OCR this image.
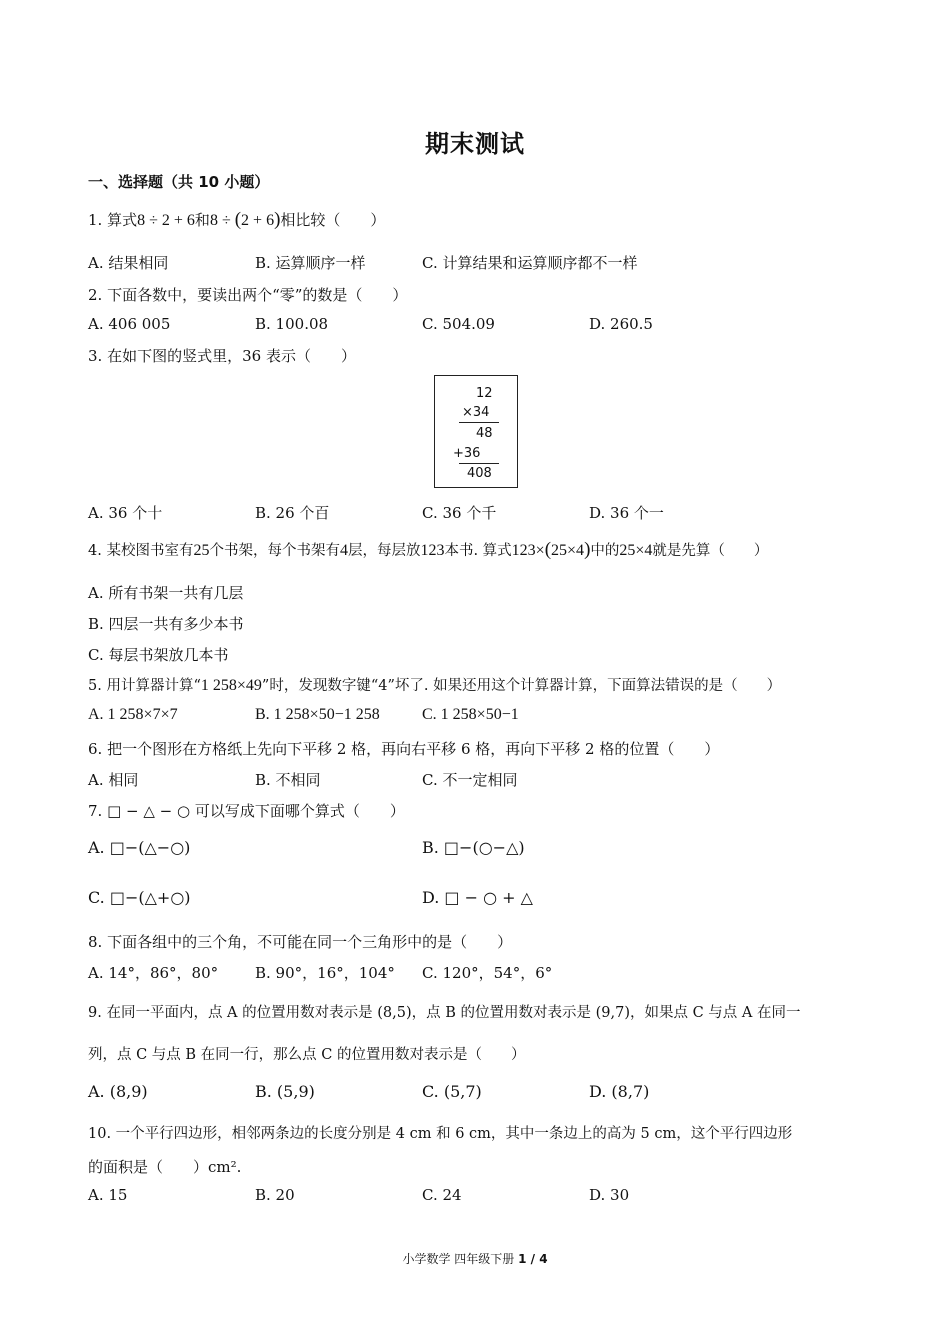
期末测试
一、选择题（共 10 小题）
1. 算式8 ÷ 2 + 6和8 ÷ (2 + 6)相比较（　　）
A. 结果相同	B. 运算顺序一样	C. 计算结果和运算顺序都不一样
2. 下面各数中，要读出两个“零”的数是（　　）
A. 406 005	B. 100.08	C. 504.09	D. 260.5
3. 在如下图的竖式里，36 表示（　　）
12
×34
48
+36
408
A. 36 个十	B. 26 个百	C. 36 个千	D. 36 个一
4. 某校图书室有25个书架，每个书架有4层，每层放123本书. 算式123×(25×4)中的25×4就是先算（　　）
A. 所有书架一共有几层
B. 四层一共有多少本书
C. 每层书架放几本书
5. 用计算器计算“1 258×49”时，发现数字键“4”坏了. 如果还用这个计算器计算，下面算法错误的是（　　）
A. 1 258×7×7	B. 1 258×50−1 258	C. 1 258×50−1
6. 把一个图形在方格纸上先向下平移 2 格，再向右平移 6 格，再向下平移 2 格的位置（　　）
A. 相同	B. 不相同	C. 不一定相同
7. □ − △ − ○ 可以写成下面哪个算式（　　）
A. □−(△−○)	B. □−(○−△)
C. □−(△+○)	D. □ − ○ + △
8. 下面各组中的三个角，不可能在同一个三角形中的是（　　）
A. 14°，86°，80° B. 90°，16°，104° C. 120°，54°，6°
9. 在同一平面内，点 A 的位置用数对表示是 (8,5)，点 B 的位置用数对表示是 (9,7)，如果点 C 与点 A 在同一
列，点 C 与点 B 在同一行，那么点 C 的位置用数对表示是（　　）
A. (8,9)	B. (5,9)	C. (5,7)	D. (8,7)
10. 一个平行四边形，相邻两条边的长度分别是 4 cm 和 6 cm，其中一条边上的高为 5 cm，这个平行四边形
的面积是（　　）cm².
A. 15	B. 20	C. 24	D. 30
小学数学 四年级下册 1 / 4
